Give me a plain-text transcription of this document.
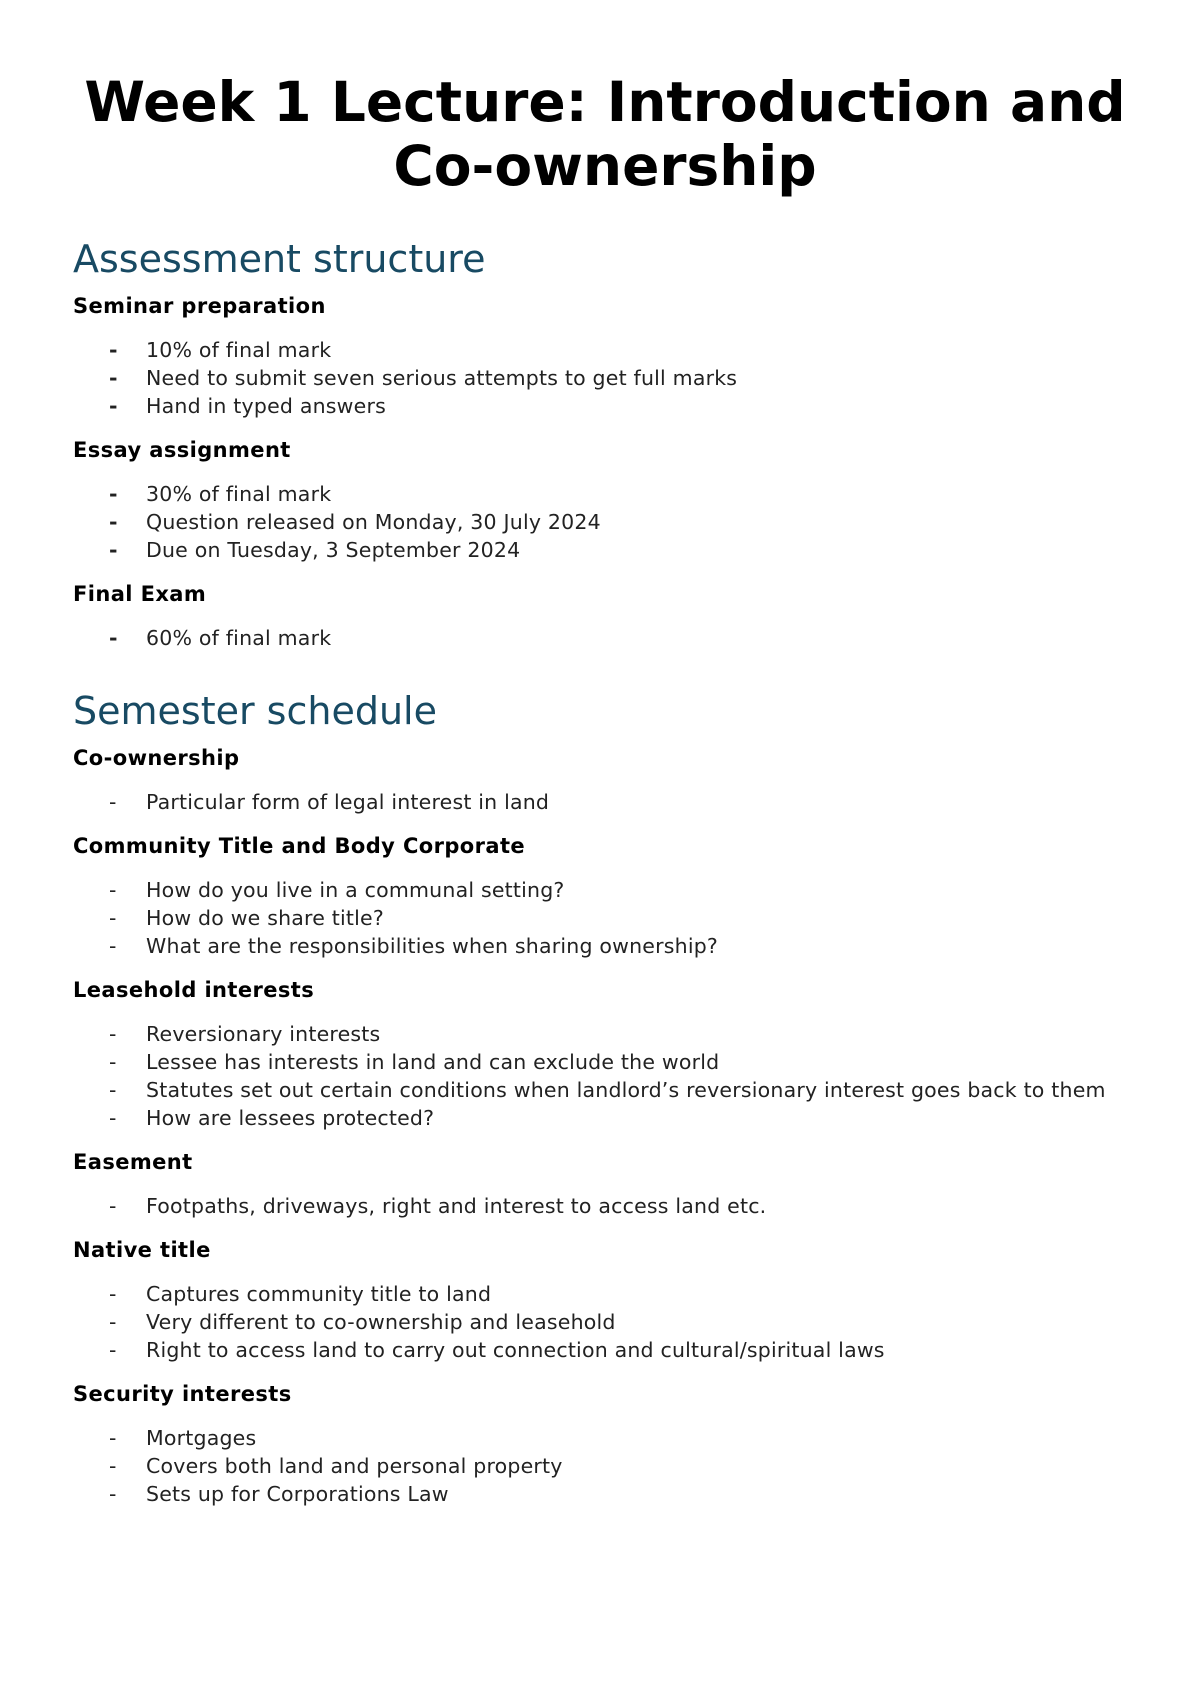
Week 1 Lecture: Introduction and Co-ownership
Assessment structure
Seminar preparation
-	10% of final mark
-	Need to submit seven serious attempts to get full marks
-	Hand in typed answers
Essay assignment
-	30% of final mark
-	Question released on Monday, 30 July 2024
-	Due on Tuesday, 3 September 2024
Final Exam
-	60% of final mark
Semester schedule
Co-ownership
-	Particular form of legal interest in land
Community Title and Body Corporate
-	How do you live in a communal setting?
-	How do we share title?
-	What are the responsibilities when sharing ownership?
Leasehold interests
-	Reversionary interests
-	Lessee has interests in land and can exclude the world
-	Statutes set out certain conditions when landlord’s reversionary interest goes back to them
-	How are lessees protected?
Easement
-	Footpaths, driveways, right and interest to access land etc.
Native title
-	Captures community title to land
-	Very different to co-ownership and leasehold
-	Right to access land to carry out connection and cultural/spiritual laws
Security interests
-	Mortgages
-	Covers both land and personal property
-	Sets up for Corporations Law
